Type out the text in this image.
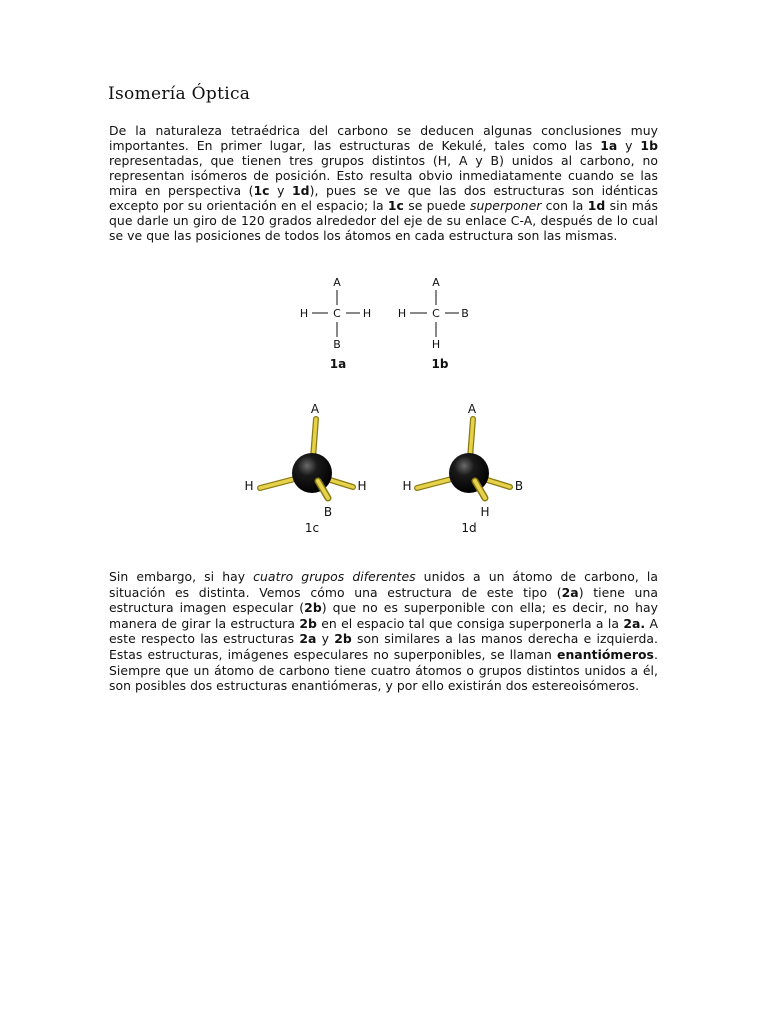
Isomería Óptica

De la naturaleza tetraédrica del carbono se deducen algunas conclusiones muy importantes. En primer lugar, las estructuras de Kekulé, tales como las 1a y 1b representadas, que tienen tres grupos distintos (H, A y B) unidos al carbono, no representan isómeros de posición. Esto resulta obvio inmediatamente cuando se las mira en perspectiva (1c y 1d), pues se ve que las dos estructuras son idénticas excepto por su orientación en el espacio; la 1c se puede superponer con la 1d sin más que darle un giro de 120 grados alrededor del eje de su enlace C-A, después de lo cual se ve que las posiciones de todos los átomos en cada estructura son las mismas.

A
H C H
B
1a
A
H C B
H
1b
A
H	H
B
1c
A
H	B
H
1d

Sin embargo, si hay cuatro grupos diferentes unidos a un átomo de carbono, la situación es distinta. Vemos cómo una estructura de este tipo (2a) tiene una estructura imagen especular (2b) que no es superponible con ella; es decir, no hay manera de girar la estructura 2b en el espacio tal que consiga superponerla a la 2a. A este respecto las estructuras 2a y 2b son similares a las manos derecha e izquierda. Estas estructuras, imágenes especulares no superponibles, se llaman enantiómeros. Siempre que un átomo de carbono tiene cuatro átomos o grupos distintos unidos a él, son posibles dos estructuras enantiómeras, y por ello existirán dos estereoisómeros.
